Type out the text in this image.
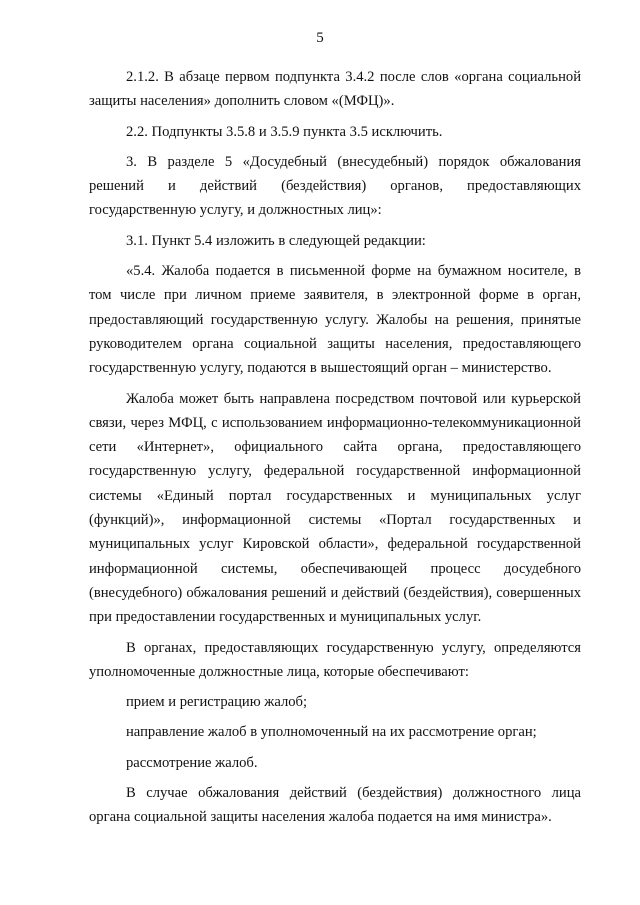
5

2.1.2. В абзаце первом подпункта 3.4.2 после слов «органа социальной защиты населения» дополнить словом «(МФЦ)».

2.2. Подпункты 3.5.8 и 3.5.9 пункта 3.5 исключить.

3. В разделе 5 «Досудебный (внесудебный) порядок обжалования решений и действий (бездействия) органов, предоставляющих государственную услугу, и должностных лиц»:

3.1. Пункт 5.4 изложить в следующей редакции:

«5.4. Жалоба подается в письменной форме на бумажном носителе, в том числе при личном приеме заявителя, в электронной форме в орган, предоставляющий государственную услугу. Жалобы на решения, принятые руководителем органа социальной защиты населения, предоставляющего государственную услугу, подаются в вышестоящий орган – министерство.

Жалоба может быть направлена посредством почтовой или курьерской связи, через МФЦ, с использованием информационно-телекоммуникационной сети «Интернет», официального сайта органа, предоставляющего государственную услугу, федеральной государственной информационной системы «Единый портал государственных и муниципальных услуг (функций)», информационной системы «Портал государственных и муниципальных услуг Кировской области», федеральной государственной информационной системы, обеспечивающей процесс досудебного (внесудебного) обжалования решений и действий (бездействия), совершенных при предоставлении государственных и муниципальных услуг.

В органах, предоставляющих государственную услугу, определяются уполномоченные должностные лица, которые обеспечивают:

прием и регистрацию жалоб;

направление жалоб в уполномоченный на их рассмотрение орган;

рассмотрение жалоб.

В случае обжалования действий (бездействия) должностного лица органа социальной защиты населения жалоба подается на имя министра».
